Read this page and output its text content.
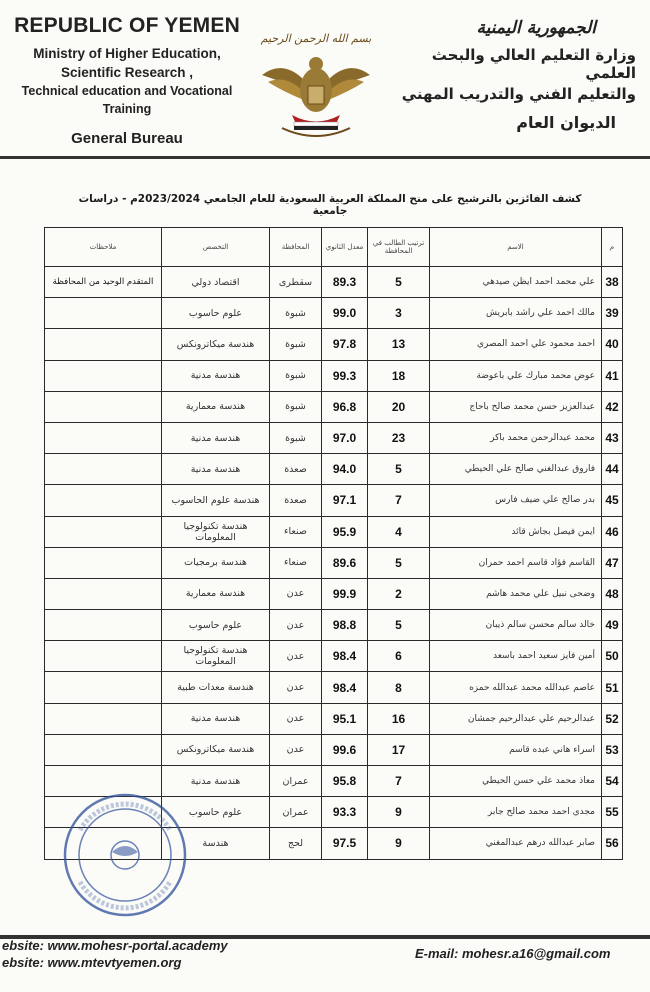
REPUBLIC OF YEMEN
Ministry of Higher Education,
Scientific Research ,
Technical education and Vocational Training
General Bureau
بسم الله الرحمن الرحيم
الجمهورية اليمنية
وزارة التعليم العالي والبحث العلمي
والتعليم الفني والتدريب المهني
الديوان العام
كشف الفائزين بالترشيح على منح المملكة العربية السعودية للعام الجامعي 2023/2024م - دراسات جامعية
م	الاسم	ترتيب الطالب في المحافظة	معدل الثانوي	المحافظة	التخصص	ملاحظات
38	علي محمد احمد ايظن صيدهي	5	89.3	سقطرى	اقتصاد دولي	المتقدم الوحيد من المحافظة
39	مالك احمد علي راشد بابريش	3	99.0	شبوة	علوم حاسوب	
40	احمد محمود علي احمد المصري	13	97.8	شبوة	هندسة ميكاترونكس	
41	عوض محمد مبارك علي باعوضة	18	99.3	شبوة	هندسة مدنية	
42	عبدالعزيز حسن محمد صالح باحاج	20	96.8	شبوة	هندسة معمارية	
43	محمد عبدالرحمن محمد باكر	23	97.0	شبوة	هندسة مدنية	
44	فاروق عبدالغني صالح علي الحيطي	5	94.0	صعدة	هندسة مدنية	
45	بدر صالح علي ضيف فارس	7	97.1	صعدة	هندسة علوم الحاسوب	
46	ايمن فيصل بجاش قائد	4	95.9	صنعاء	هندسة تكنولوجيا المعلومات	
47	القاسم فؤاد قاسم احمد حمران	5	89.6	صنعاء	هندسة برمجيات	
48	وضحى نبيل علي محمد هاشم	2	99.9	عدن	هندسة معمارية	
49	خالد سالم محسن سالم ذيبان	5	98.8	عدن	علوم حاسوب	
50	أمين فايز سعيد احمد باسعد	6	98.4	عدن	هندسة تكنولوجيا المعلومات	
51	عاصم عبدالله محمد عبدالله حمزه	8	98.4	عدن	هندسة معدات طبية	
52	عبدالرحيم علي عبدالرحيم جمشان	16	95.1	عدن	هندسة مدنية	
53	اسراء هاني عبده قاسم	17	99.6	عدن	هندسة ميكاترونكس	
54	معاذ محمد علي حسن الحيطي	7	95.8	عمران	هندسة مدنية	
55	مجدي احمد محمد صالح جابر	9	93.3	عمران	علوم حاسوب	
56	صابر عبدالله درهم عبدالمغني	9	97.5	لحج	هندسة	
ebsite: www.mohesr-portal.academy
ebsite: www.mtevtyemen.org
E-mail: mohesr.a16@gmail.com
